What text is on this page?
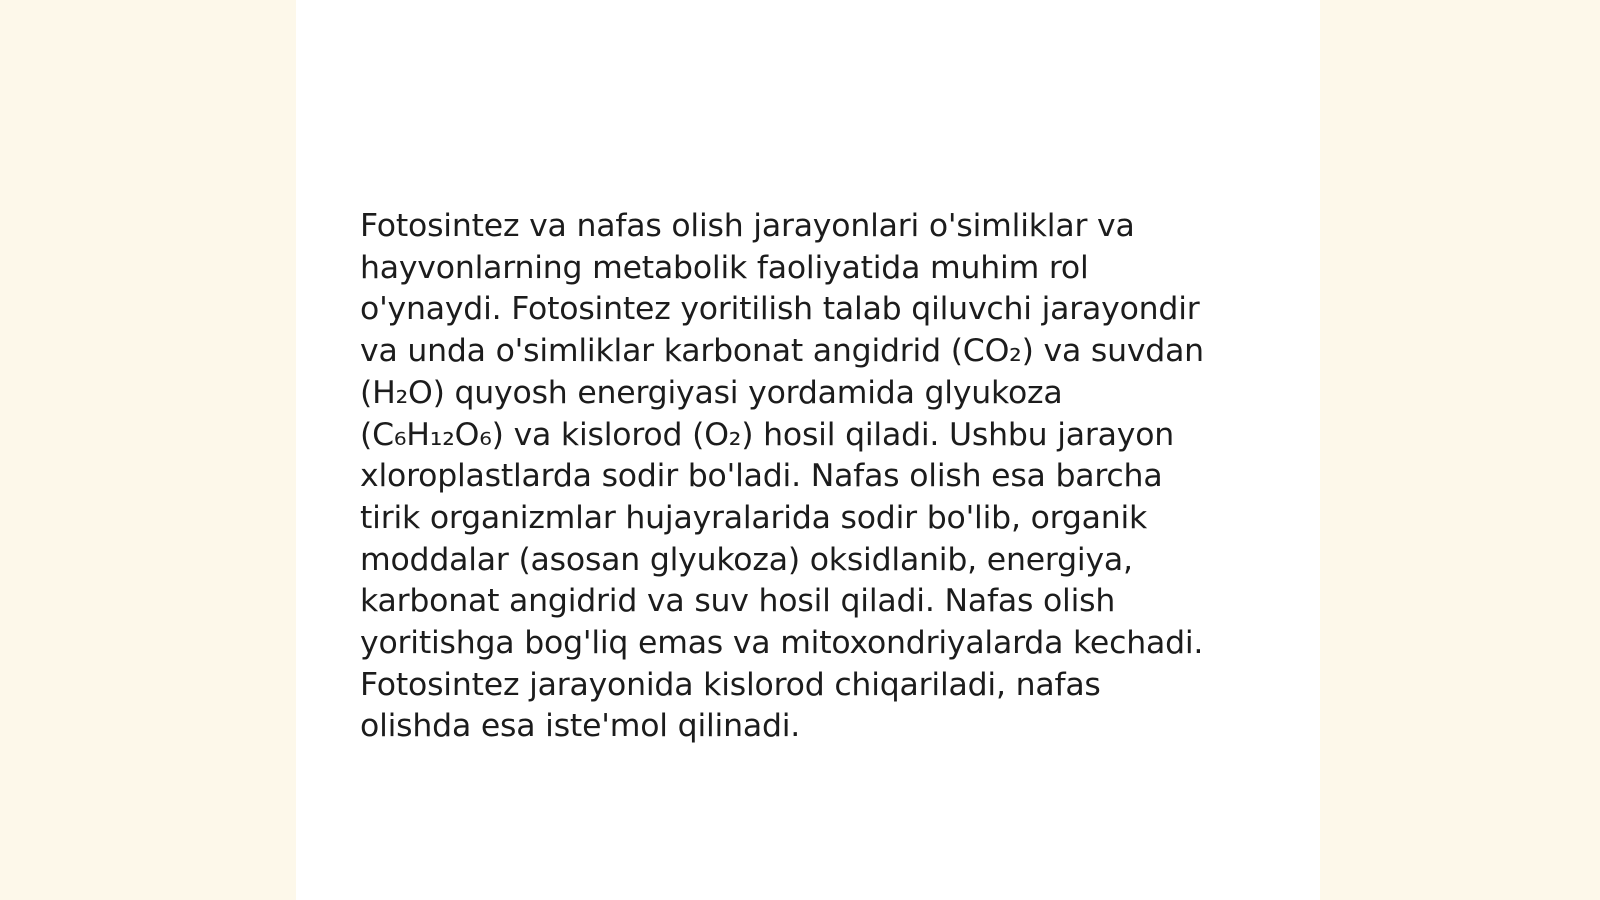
Fotosintez va nafas olish jarayonlari o'simliklar va
hayvonlarning metabolik faoliyatida muhim rol
o'ynaydi. Fotosintez yoritilish talab qiluvchi jarayondir
va unda o'simliklar karbonat angidrid (CO₂) va suvdan
(H₂O) quyosh energiyasi yordamida glyukoza
(C₆H₁₂O₆) va kislorod (O₂) hosil qiladi. Ushbu jarayon
xloroplastlarda sodir bo'ladi. Nafas olish esa barcha
tirik organizmlar hujayralarida sodir bo'lib, organik
moddalar (asosan glyukoza) oksidlanib, energiya,
karbonat angidrid va suv hosil qiladi. Nafas olish
yoritishga bog'liq emas va mitoxondriyalarda kechadi.
Fotosintez jarayonida kislorod chiqariladi, nafas
olishda esa iste'mol qilinadi.
